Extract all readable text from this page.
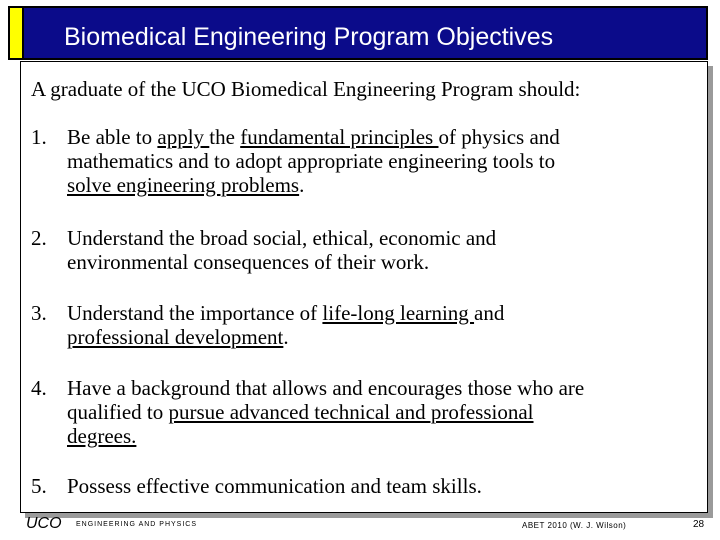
Biomedical Engineering Program Objectives
A graduate of the UCO Biomedical Engineering Program should:
1. Be able to apply the fundamental principles of physics and
mathematics and to adopt appropriate engineering tools to
solve engineering problems.
2. Understand the broad social, ethical, economic and
environmental consequences of their work.
3. Understand the importance of life-long learning and
professional development.
4. Have a background that allows and encourages those who are
qualified to pursue advanced technical and professional
degrees.
5. Possess effective communication and team skills.
UCO ENGINEERING AND PHYSICS	ABET 2010 (W. J. Wilson)	28
